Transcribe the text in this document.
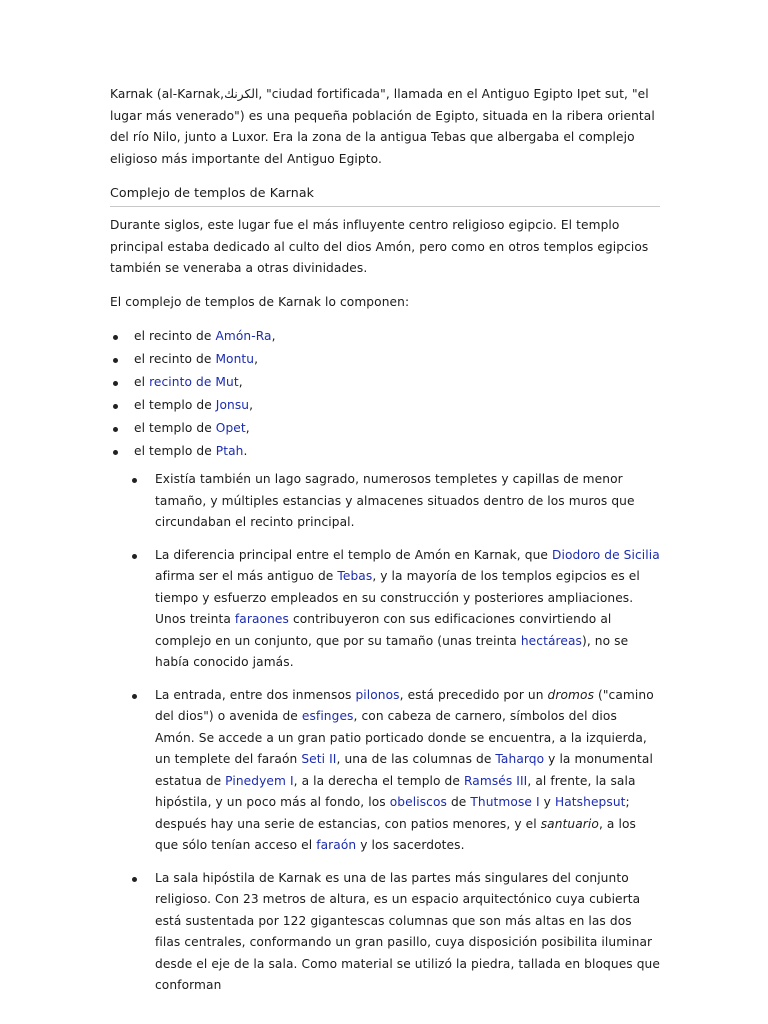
Karnak (al-Karnak,الكرنك, "ciudad fortificada", llamada en el Antiguo Egipto Ipet sut, "el lugar más venerado") es una pequeña población de Egipto, situada en la ribera oriental del río Nilo, junto a Luxor. Era la zona de la antigua Tebas que albergaba el complejo eligioso más importante del Antiguo Egipto.

Complejo de templos de Karnak

Durante siglos, este lugar fue el más influyente centro religioso egipcio. El templo principal estaba dedicado al culto del dios Amón, pero como en otros templos egipcios también se veneraba a otras divinidades.

El complejo de templos de Karnak lo componen:

el recinto de Amón-Ra,
el recinto de Montu,
el recinto de Mut,
el templo de Jonsu,
el templo de Opet,
el templo de Ptah.
Existía también un lago sagrado, numerosos templetes y capillas de menor tamaño, y múltiples estancias y almacenes situados dentro de los muros que circundaban el recinto principal.
La diferencia principal entre el templo de Amón en Karnak, que Diodoro de Sicilia afirma ser el más antiguo de Tebas, y la mayoría de los templos egipcios es el tiempo y esfuerzo empleados en su construcción y posteriores ampliaciones. Unos treinta faraones contribuyeron con sus edificaciones convirtiendo al complejo en un conjunto, que por su tamaño (unas treinta hectáreas), no se había conocido jamás.
La entrada, entre dos inmensos pilonos, está precedido por un dromos ("camino del dios") o avenida de esfinges, con cabeza de carnero, símbolos del dios Amón. Se accede a un gran patio porticado donde se encuentra, a la izquierda, un templete del faraón Seti II, una de las columnas de Taharqo y la monumental estatua de Pinedyem I, a la derecha el templo de Ramsés III, al frente, la sala hipóstila, y un poco más al fondo, los obeliscos de Thutmose I y Hatshepsut; después hay una serie de estancias, con patios menores, y el santuario, a los que sólo tenían acceso el faraón y los sacerdotes.
La sala hipóstila de Karnak es una de las partes más singulares del conjunto religioso. Con 23 metros de altura, es un espacio arquitectónico cuya cubierta está sustentada por 122 gigantescas columnas que son más altas en las dos filas centrales, conformando un gran pasillo, cuya disposición posibilita iluminar desde el eje de la sala. Como material se utilizó la piedra, tallada en bloques que conforman
